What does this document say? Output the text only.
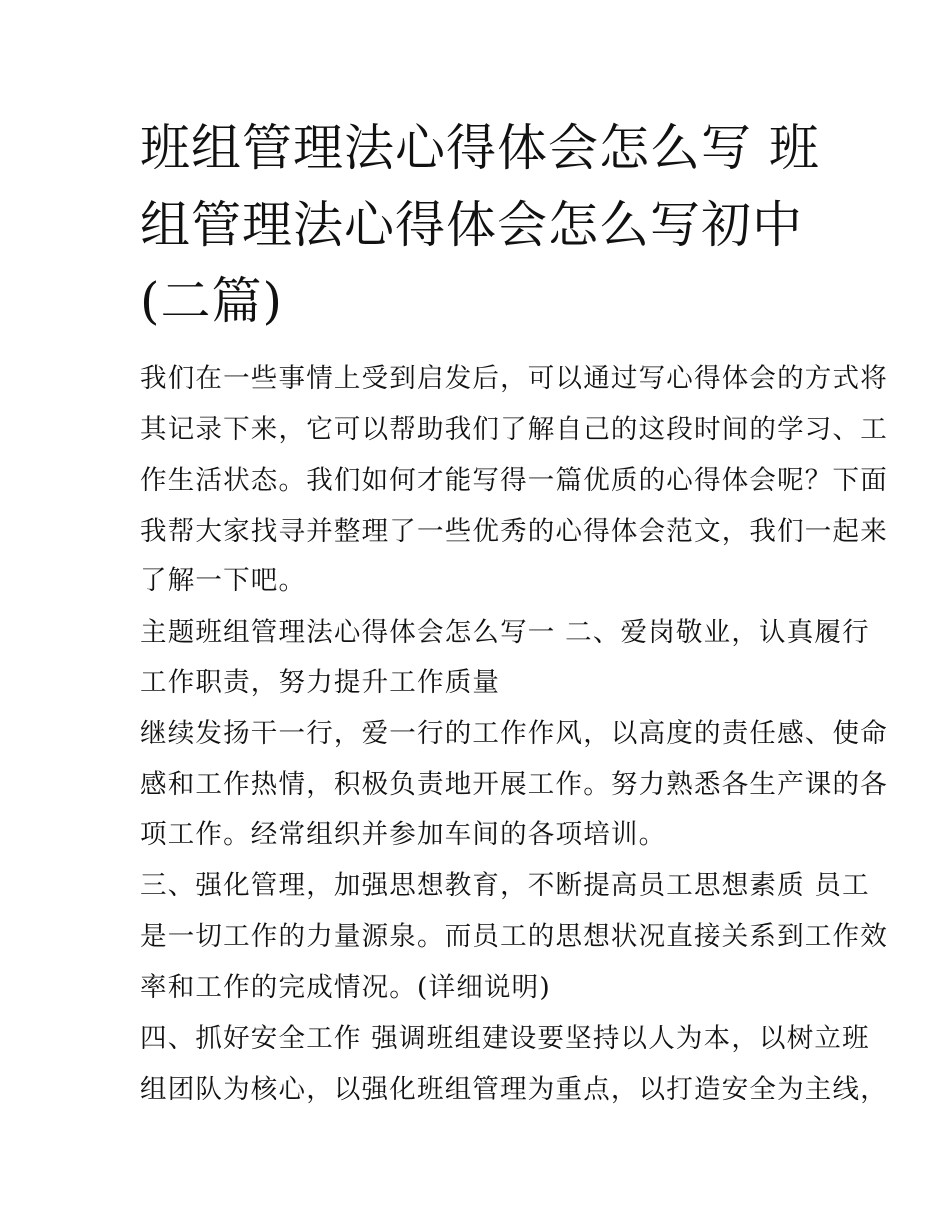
班组管理法心得体会怎么写 班
组管理法心得体会怎么写初中
(二篇)
我们在一些事情上受到启发后，可以通过写心得体会的方式将
其记录下来，它可以帮助我们了解自己的这段时间的学习、工
作生活状态。我们如何才能写得一篇优质的心得体会呢？下面
我帮大家找寻并整理了一些优秀的心得体会范文，我们一起来
了解一下吧。
主题班组管理法心得体会怎么写一 二、爱岗敬业，认真履行
工作职责，努力提升工作质量
继续发扬干一行，爱一行的工作作风，以高度的责任感、使命
感和工作热情，积极负责地开展工作。努力熟悉各生产课的各
项工作。经常组织并参加车间的各项培训。
三、强化管理，加强思想教育，不断提高员工思想素质 员工
是一切工作的力量源泉。而员工的思想状况直接关系到工作效
率和工作的完成情况。(详细说明)
四、抓好安全工作 强调班组建设要坚持以人为本，以树立班
组团队为核心，以强化班组管理为重点，以打造安全为主线，
